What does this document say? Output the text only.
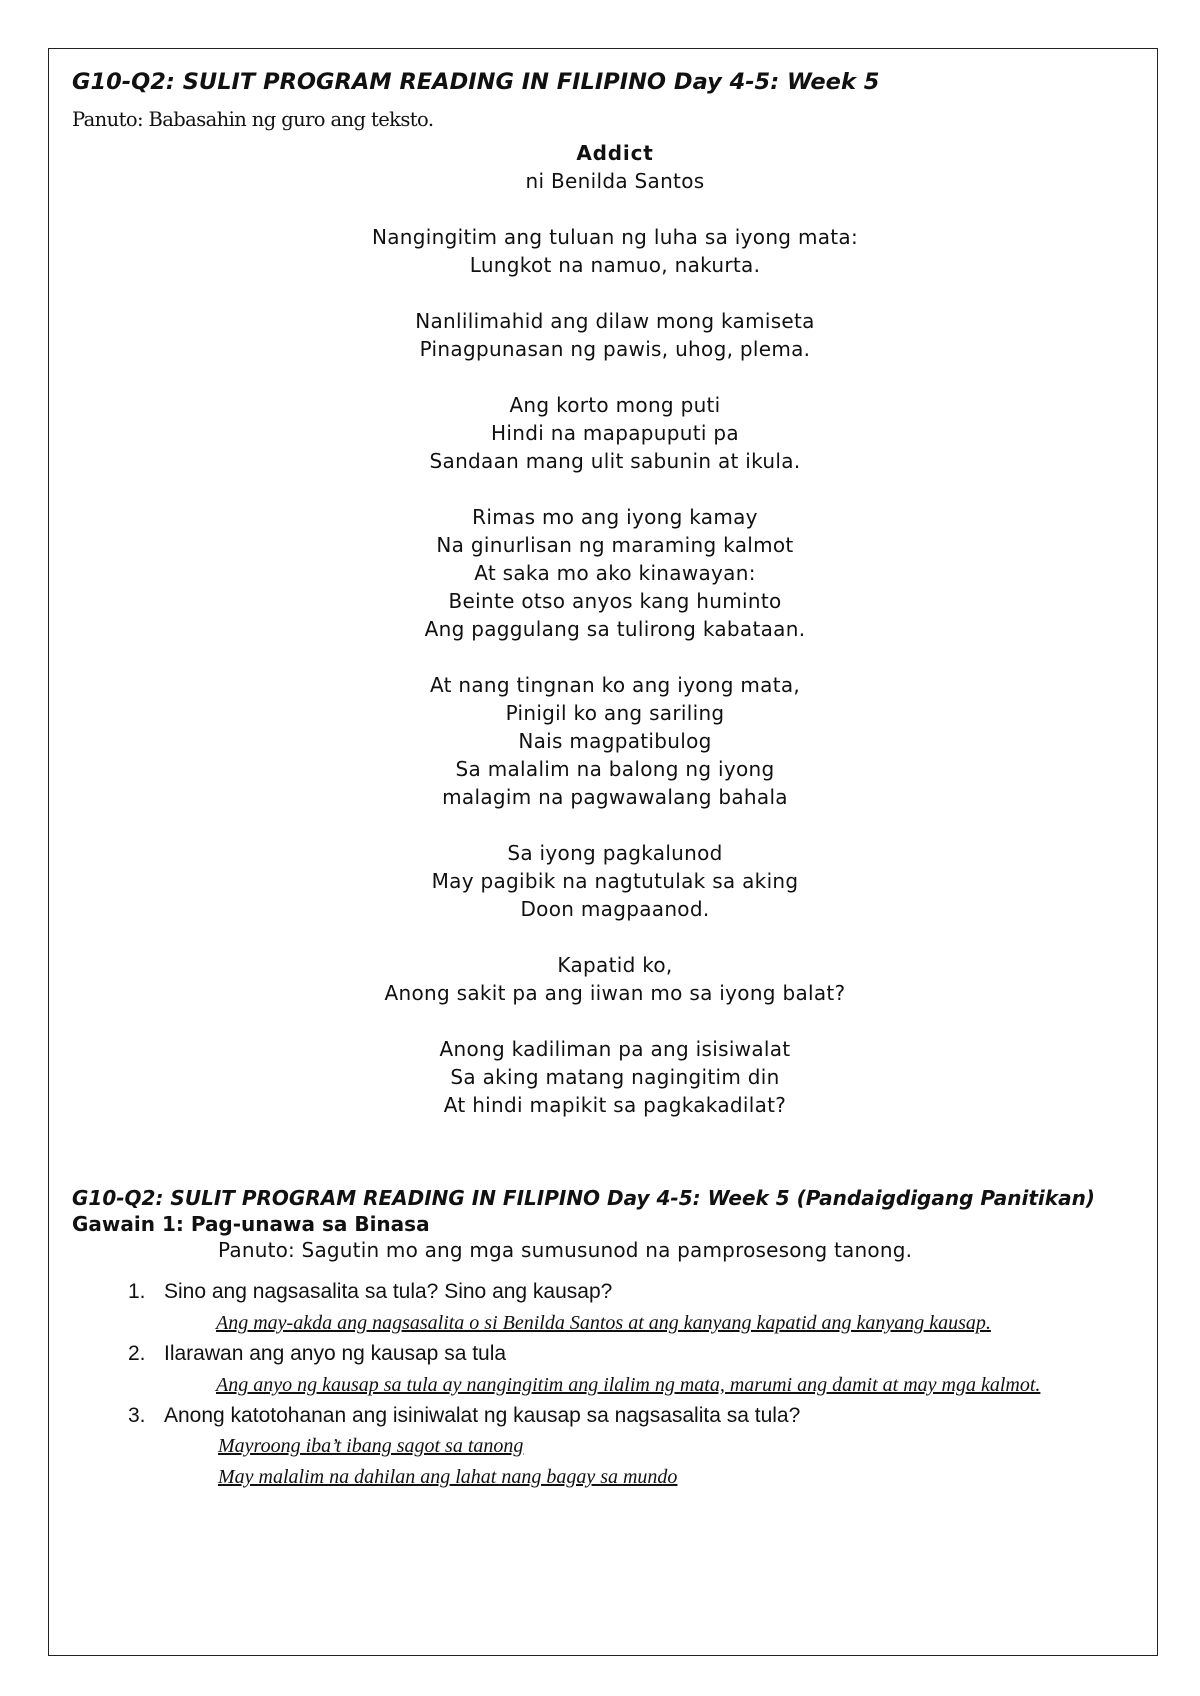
G10-Q2: SULIT PROGRAM READING IN FILIPINO Day 4-5: Week 5
Panuto: Babasahin ng guro ang teksto.
Addict
ni Benilda Santos
Nangingitim ang tuluan ng luha sa iyong mata:
Lungkot na namuo, nakurta.
Nanlilimahid ang dilaw mong kamiseta
Pinagpunasan ng pawis, uhog, plema.
Ang korto mong puti
Hindi na mapapuputi pa
Sandaan mang ulit sabunin at ikula.
Rimas mo ang iyong kamay
Na ginurlisan ng maraming kalmot
At saka mo ako kinawayan:
Beinte otso anyos kang huminto
Ang paggulang sa tulirong kabataan.
At nang tingnan ko ang iyong mata,
Pinigil ko ang sariling
Nais magpatibulog
Sa malalim na balong ng iyong
malagim na pagwawalang bahala
Sa iyong pagkalunod
May pagibik na nagtutulak sa aking
Doon magpaanod.
Kapatid ko,
Anong sakit pa ang iiwan mo sa iyong balat?
Anong kadiliman pa ang isisiwalat
Sa aking matang nagingitim din
At hindi mapikit sa pagkakadilat?
G10-Q2: SULIT PROGRAM READING IN FILIPINO Day 4-5: Week 5 (Pandaigdigang Panitikan)
Gawain 1: Pag-unawa sa Binasa
Panuto: Sagutin mo ang mga sumusunod na pamprosesong tanong.
1. Sino ang nagsasalita sa tula? Sino ang kausap?
Ang may-akda ang nagsasalita o si Benilda Santos at ang kanyang kapatid ang kanyang kausap.
2. Ilarawan ang anyo ng kausap sa tula
Ang anyo ng kausap sa tula ay nangingitim ang ilalim ng mata, marumi ang damit at may mga kalmot.
3. Anong katotohanan ang isiniwalat ng kausap sa nagsasalita sa tula?
Mayroong iba’t ibang sagot sa tanong
May malalim na dahilan ang lahat nang bagay sa mundo
